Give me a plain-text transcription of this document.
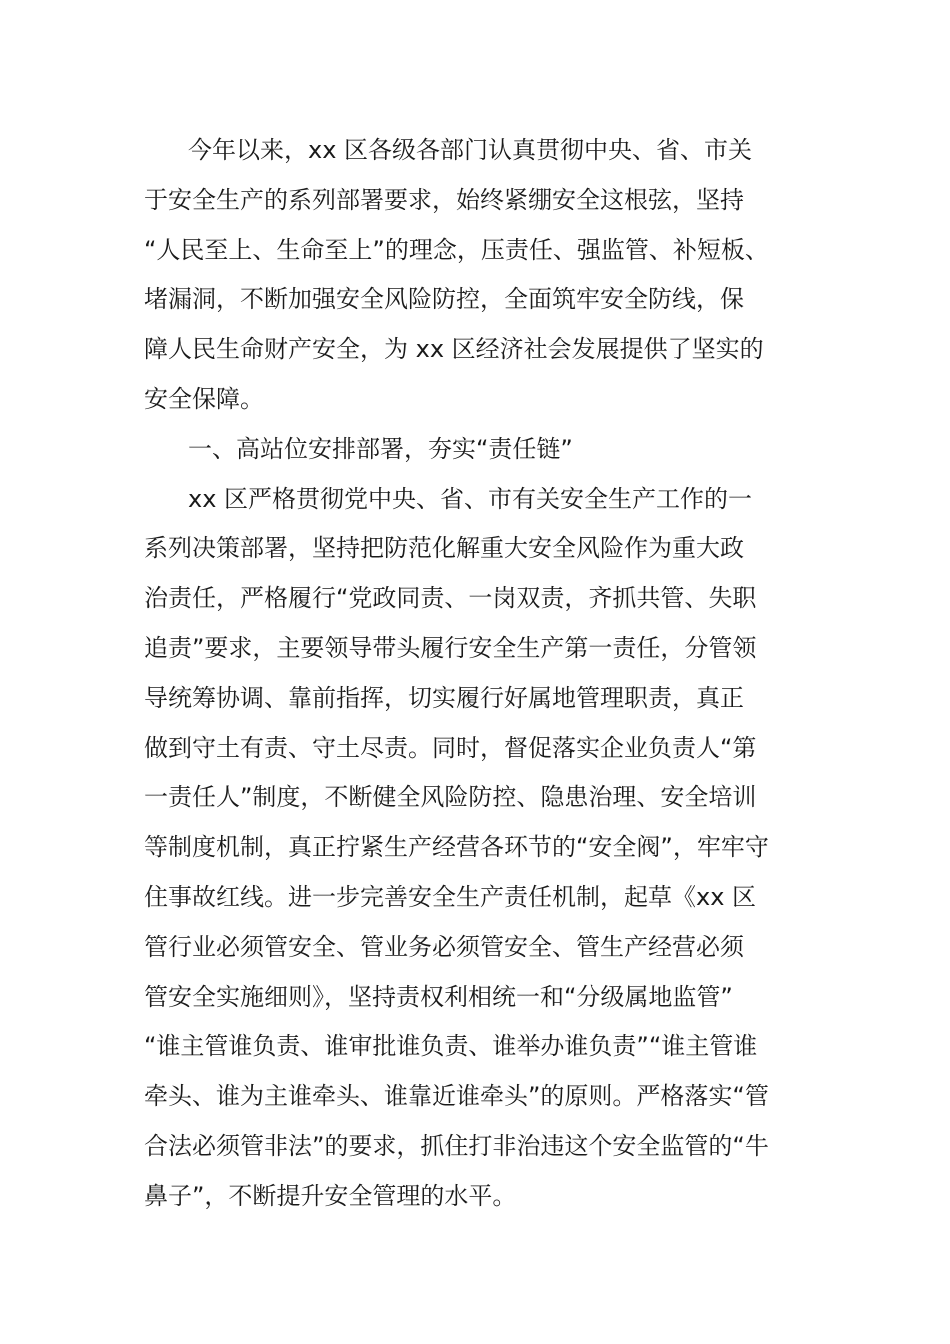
今年以来，xx 区各级各部门认真贯彻中央、省、市关
于安全生产的系列部署要求，始终紧绷安全这根弦，坚持
“人民至上、生命至上”的理念，压责任、强监管、补短板、
堵漏洞，不断加强安全风险防控，全面筑牢安全防线，保
障人民生命财产安全，为 xx 区经济社会发展提供了坚实的
安全保障。
一、高站位安排部署，夯实“责任链”
xx 区严格贯彻党中央、省、市有关安全生产工作的一
系列决策部署，坚持把防范化解重大安全风险作为重大政
治责任，严格履行“党政同责、一岗双责，齐抓共管、失职
追责”要求，主要领导带头履行安全生产第一责任，分管领
导统筹协调、靠前指挥，切实履行好属地管理职责，真正
做到守土有责、守土尽责。同时，督促落实企业负责人“第
一责任人”制度，不断健全风险防控、隐患治理、安全培训
等制度机制，真正拧紧生产经营各环节的“安全阀”，牢牢守
住事故红线。进一步完善安全生产责任机制，起草《xx 区
管行业必须管安全、管业务必须管安全、管生产经营必须
管安全实施细则》，坚持责权利相统一和“分级属地监管”
“谁主管谁负责、谁审批谁负责、谁举办谁负责”“谁主管谁
牵头、谁为主谁牵头、谁靠近谁牵头”的原则。严格落实“管
合法必须管非法”的要求，抓住打非治违这个安全监管的“牛
鼻子”，不断提升安全管理的水平。
